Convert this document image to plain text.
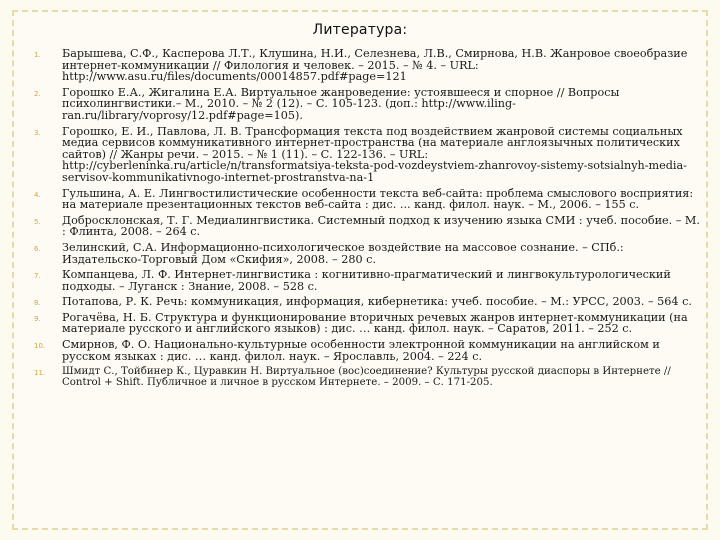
Литература:
1. Барышева, С.Ф., Касперова Л.Т., Клушина, Н.И., Селезнева, Л.В., Смирнова, Н.В. Жанровое своеобразие интернет-коммуникации // Филология и человек. – 2015. – № 4. – URL: http://www.asu.ru/files/documents/00014857.pdf#page=121
2. Горошко Е.А., Жигалина Е.А. Виртуальное жанроведение: устоявшееся и спорное // Вопросы психолингвистики.– М., 2010. – № 2 (12). – С. 105-123. (доп.: http://www.iling-ran.ru/library/voprosy/12.pdf#page=105).
3. Горошко, Е. И., Павлова, Л. В. Трансформация текста под воздействием жанровой системы социальных медиа сервисов коммуникативного интернет-пространства (на материале англоязычных политических сайтов) // Жанры речи. – 2015. – № 1 (11). – С. 122-136. – URL: http://cyberleninka.ru/article/n/transformatsiya-teksta-pod-vozdeystviem-zhanrovoy-sistemy-sotsialnyh-media-servisov-kommunikativnogo-internet-prostranstva-na-1
4. Гульшина, А. Е. Лингвостилистические особенности текста веб-сайта: проблема смыслового восприятия: на материале презентационных текстов веб-сайта : дис. ... канд. филол. наук. – М., 2006. – 155 с.
5. Добросклонская, Т. Г. Медиалингвистика. Системный подход к изучению языка СМИ : учеб. пособие. – М. : Флинта, 2008. – 264 с.
6. Зелинский, С.А. Информационно-психологическое воздействие на массовое сознание. – СПб.: Издательско-Торговый Дом «Скифия», 2008. – 280 с.
7. Компанцева, Л. Ф. Интернет-лингвистика : когнитивно-прагматический и лингвокультурологический подходы. – Луганск : Знание, 2008. – 528 с.
8. Потапова, Р. К. Речь: коммуникация, информация, кибернетика: учеб. пособие. – М.: УРСС, 2003. – 564 с.
9. Рогачёва, Н. Б. Структура и функционирование вторичных речевых жанров интернет-коммуникации (на материале русского и английского языков) : дис. … канд. филол. наук. – Саратов, 2011. – 252 с.
10. Смирнов, Ф. О. Национально-культурные особенности электронной коммуникации на английском и русском языках : дис. … канд. филол. наук. – Ярославль, 2004. – 224 с.
11. Шмидт С., Тойбинер К., Цуравкин Н. Виртуальное (вос)соединение? Культуры русской диаспоры в Интернете // Control + Shift. Публичное и личное в русском Интернете. – 2009. – С. 171-205.
